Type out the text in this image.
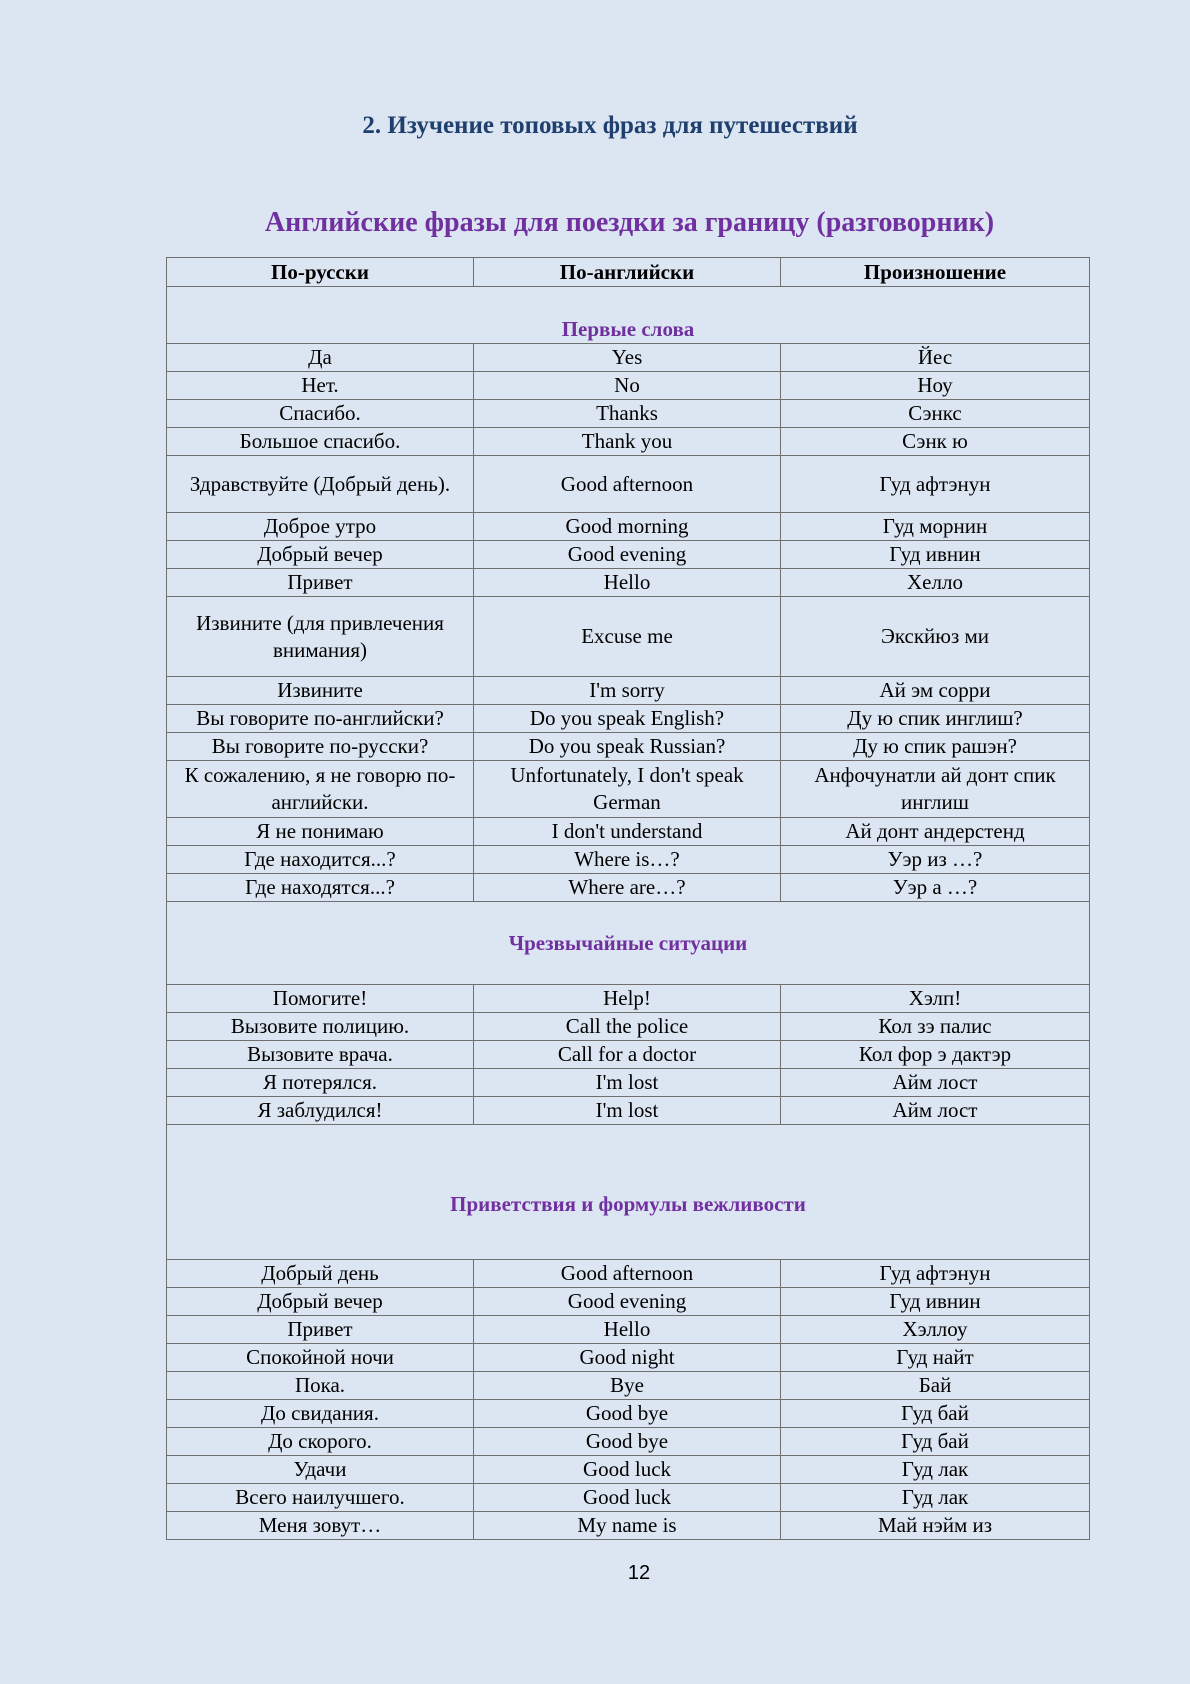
2. Изучение топовых фраз для путешествий
Английские фразы для поездки за границу (разговорник)
По-русски	По-английски	Произношение
Первые слова		
Да	Yes	Йес
Нет.	No	Ноу
Спасибо.	Thanks	Сэнкс
Большое спасибо.	Thank you	Сэнк ю
Здравствуйте (Добрый день).	Good afternoon	Гуд афтэнун
Доброе утро	Good morning	Гуд морнин
Добрый вечер	Good evening	Гуд ивнин
Привет	Hello	Хелло
Извините (для привлечения внимания)	Excuse me	Экскйюз ми
Извините	I'm sorry	Ай эм сорри
Вы говорите по-английски?	Do you speak English?	Ду ю спик инглиш?
Вы говорите по-русски?	Do you speak Russian?	Ду ю спик рашэн?
К сожалению, я не говорю по- английски.	Unfortunately, I don't speak German	Анфочунатли ай донт спик инглиш
Я не понимаю	I don't understand	Ай донт андерстенд
Где находится...?	Where is…?	Уэр из …?
Где находятся...?	Where are…?	Уэр а …?
Чрезвычайные ситуации		
Помогите!	Help!	Хэлп!
Вызовите полицию.	Call the police	Кол зэ палис
Вызовите врача.	Call for a doctor	Кол фор э дактэр
Я потерялся.	I'm lost	Айм лост
Я заблудился!	I'm lost	Айм лост
Приветствия и формулы вежливости		
Добрый день	Good afternoon	Гуд афтэнун
Добрый вечер	Good evening	Гуд ивнин
Привет	Hello	Хэллоу
Спокойной ночи	Good night	Гуд найт
Пока.	Bye	Бай
До свидания.	Good bye	Гуд бай
До скорого.	Good bye	Гуд бай
Удачи	Good luck	Гуд лак
Всего наилучшего.	Good luck	Гуд лак
Меня зовут…	My name is	Май нэйм из
12
